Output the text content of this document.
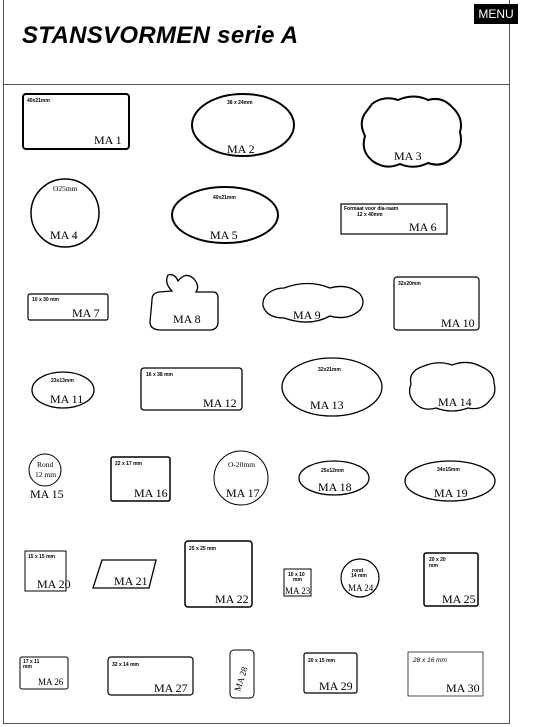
STANSVORMEN serie A
MENU
40x21mm
MA 1
38 x 24mm
MA 2	MA 3
O25mm
MA 4
40x21mm
MA 5
Formaat voor dia-raam
12 x 40mm
MA 6
10 x 30 mm
MA 7	MA 8	MA 9
32x20mm
MA 10
23x13mm
MA 11
16 x 38 mm
MA 12
32x21mm
MA 13	MA 14
Rond
12 mm
MA 15
22 x 17 mm
MA 16
O-20mm
MA 17
25x12mm
MA 18
34x15mm
MA 19
15 x 15 mm
MA 20	MA 21
25 x 25 mm
MA 22
10 x 10
mm
MA 23
rond
14 mm
MA 24
20 x 20
mm
MA 25
17 x 11
mm
MA 26
32 x 14 mm
MA 27	MA 28
20 x 15 mm
MA 29
28 x 16 mm
MA 30
